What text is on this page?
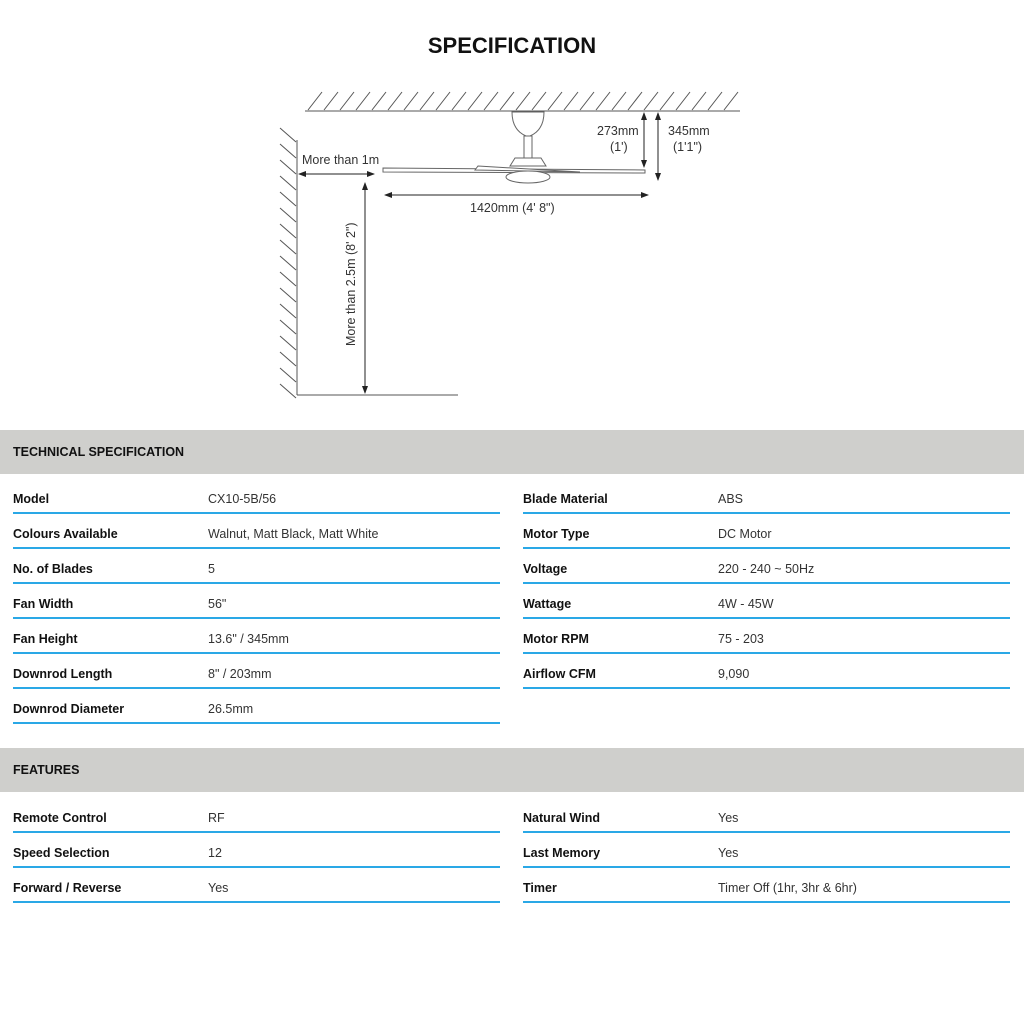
SPECIFICATION
More than 1m
More than 2.5m (8' 2")
1420mm (4' 8")
273mm
(1')
345mm
(1'1")
TECHNICAL SPECIFICATION
Model	CX10-5B/56
Colours Available	Walnut, Matt Black, Matt White
No. of Blades	5
Fan Width	56"
Fan Height	13.6" / 345mm
Downrod Length	8" / 203mm
Downrod Diameter	26.5mm
Blade Material	ABS
Motor Type	DC Motor
Voltage	220 - 240 ~ 50Hz
Wattage	4W - 45W
Motor RPM	75 - 203
Airflow CFM	9,090
FEATURES
Remote Control	RF
Speed Selection	12
Forward / Reverse	Yes
Natural Wind	Yes
Last Memory	Yes
Timer	Timer Off (1hr, 3hr & 6hr)
